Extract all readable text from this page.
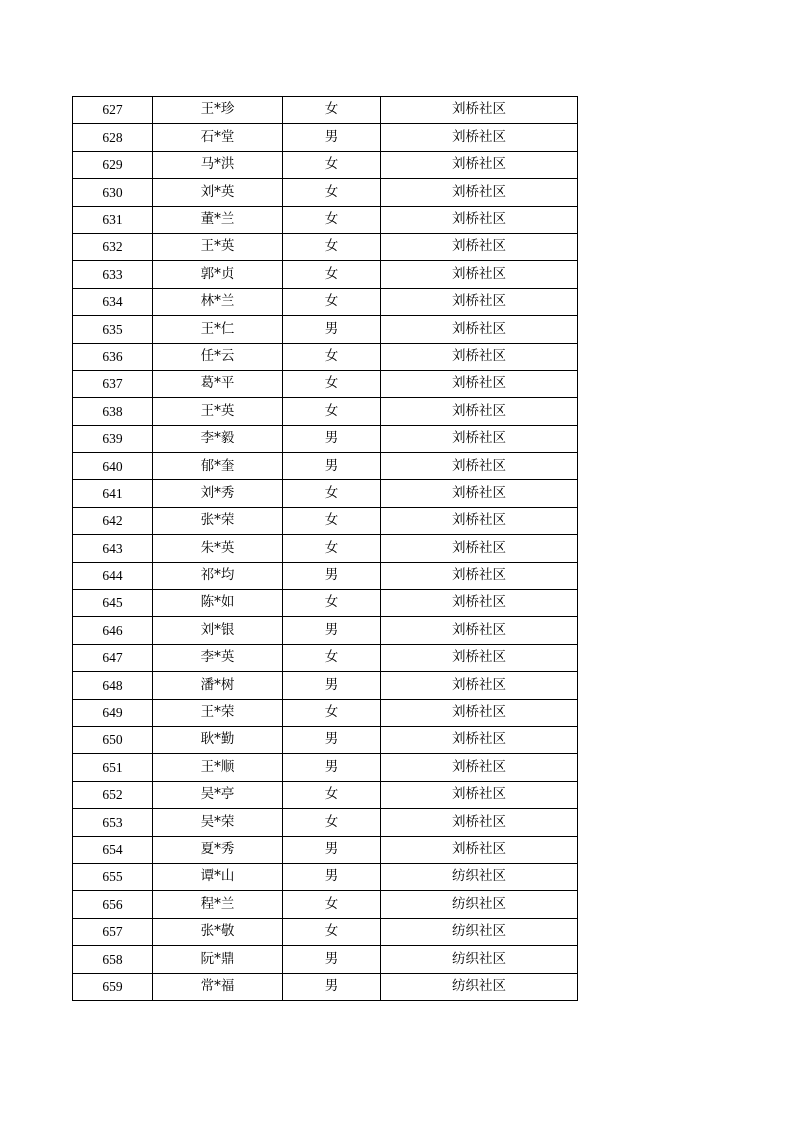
627	王*珍	女	刘桥社区
628	石*堂	男	刘桥社区
629	马*洪	女	刘桥社区
630	刘*英	女	刘桥社区
631	董*兰	女	刘桥社区
632	王*英	女	刘桥社区
633	郭*贞	女	刘桥社区
634	林*兰	女	刘桥社区
635	王*仁	男	刘桥社区
636	任*云	女	刘桥社区
637	葛*平	女	刘桥社区
638	王*英	女	刘桥社区
639	李*毅	男	刘桥社区
640	郁*奎	男	刘桥社区
641	刘*秀	女	刘桥社区
642	张*荣	女	刘桥社区
643	朱*英	女	刘桥社区
644	祁*均	男	刘桥社区
645	陈*如	女	刘桥社区
646	刘*银	男	刘桥社区
647	李*英	女	刘桥社区
648	潘*树	男	刘桥社区
649	王*荣	女	刘桥社区
650	耿*勤	男	刘桥社区
651	王*顺	男	刘桥社区
652	吴*亭	女	刘桥社区
653	吴*荣	女	刘桥社区
654	夏*秀	男	刘桥社区
655	谭*山	男	纺织社区
656	程*兰	女	纺织社区
657	张*敬	女	纺织社区
658	阮*鼎	男	纺织社区
659	常*福	男	纺织社区
